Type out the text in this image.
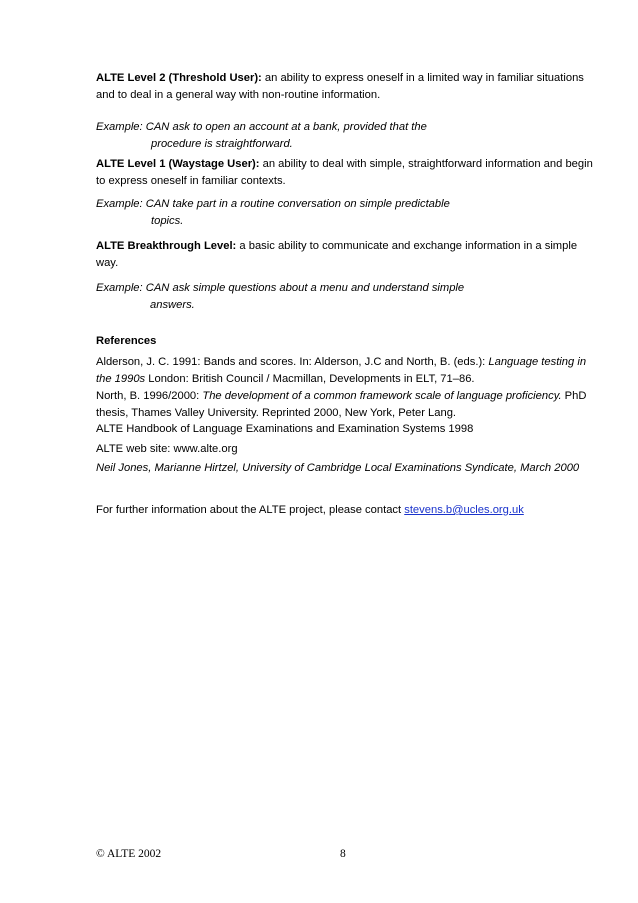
ALTE Level 2 (Threshold User): an ability to express oneself in a limited way in familiar situations and to deal in a general way with non-routine information.

Example: CAN ask to open an account at a bank, provided that the
procedure is straightforward.

ALTE Level 1 (Waystage User): an ability to deal with simple, straightforward information and begin to express oneself in familiar contexts.

Example: CAN take part in a routine conversation on simple predictable
topics.

ALTE Breakthrough Level: a basic ability to communicate and exchange information in a simple way.

Example: CAN ask simple questions about a menu and understand simple
answers.

References

Alderson, J. C. 1991: Bands and scores. In: Alderson, J.C and North, B. (eds.): Language testing in the 1990s London: British Council / Macmillan, Developments in ELT, 71–86.

North, B. 1996/2000: The development of a common framework scale of language proficiency. PhD thesis, Thames Valley University. Reprinted 2000, New York, Peter Lang.

ALTE Handbook of Language Examinations and Examination Systems 1998

ALTE web site: www.alte.org

Neil Jones, Marianne Hirtzel, University of Cambridge Local Examinations Syndicate, March 2000

For further information about the ALTE project, please contact stevens.b@ucles.org.uk

© ALTE 2002	8
